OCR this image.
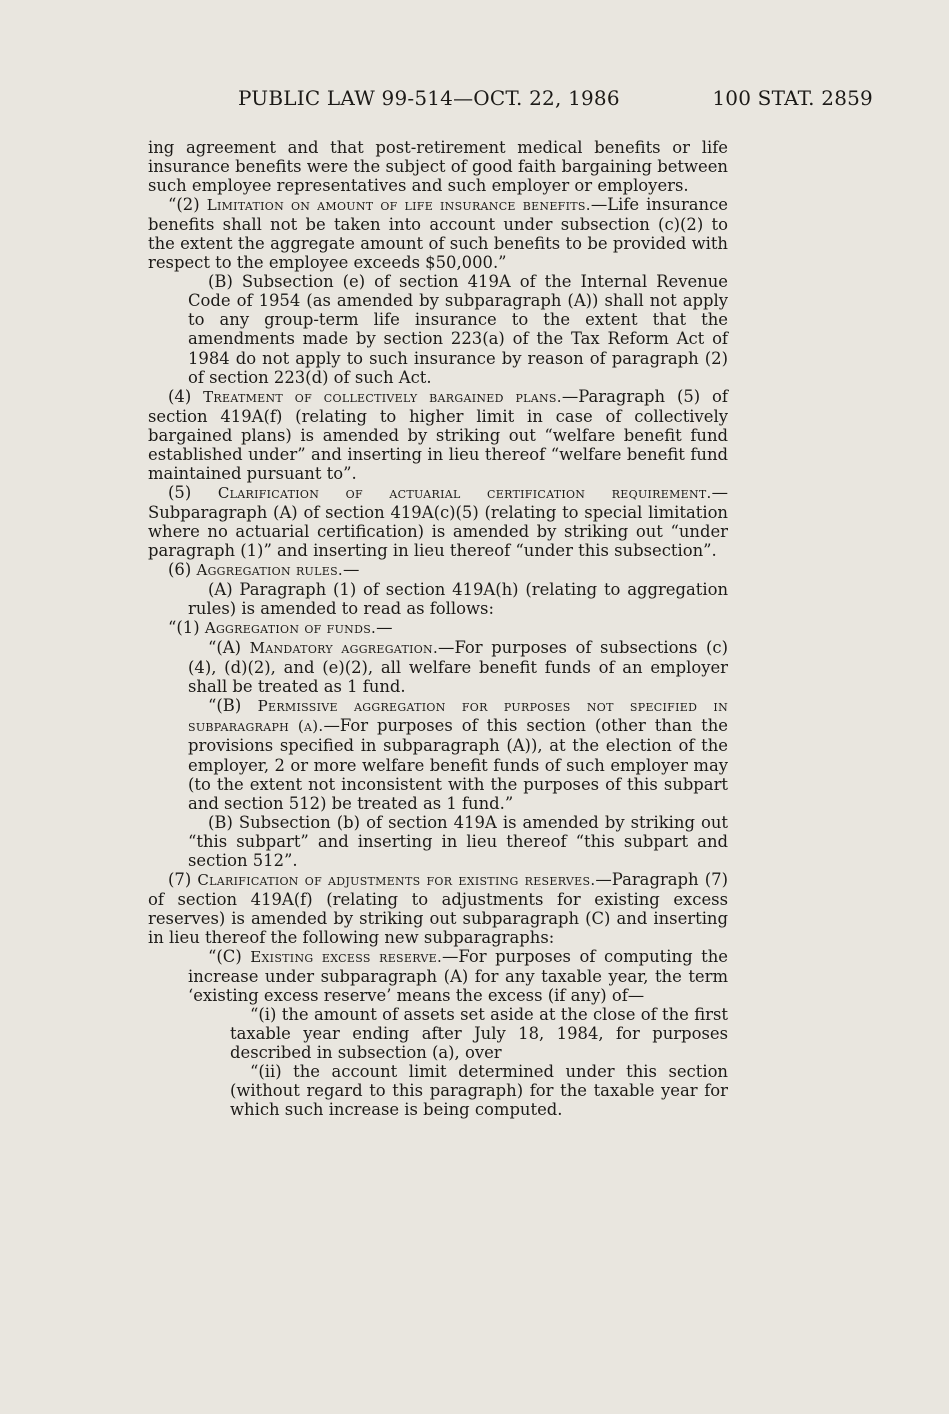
PUBLIC LAW 99-514—OCT. 22, 1986	100 STAT. 2859

ing agreement and that post-retirement medical benefits or life insurance benefits were the subject of good faith bargaining between such employee representatives and such employer or employers.

“(2) Limitation on amount of life insurance benefits.—Life insurance benefits shall not be taken into account under subsection (c)(2) to the extent the aggregate amount of such benefits to be provided with respect to the employee exceeds $50,000.”

(B) Subsection (e) of section 419A of the Internal Revenue Code of 1954 (as amended by subparagraph (A)) shall not apply to any group-term life insurance to the extent that the amendments made by section 223(a) of the Tax Reform Act of 1984 do not apply to such insurance by reason of paragraph (2) of section 223(d) of such Act.

(4) Treatment of collectively bargained plans.—Paragraph (5) of section 419A(f) (relating to higher limit in case of collectively bargained plans) is amended by striking out “welfare benefit fund established under” and inserting in lieu thereof “welfare benefit fund maintained pursuant to”.

(5) Clarification of actuarial certification requirement.—Subparagraph (A) of section 419A(c)(5) (relating to special limitation where no actuarial certification) is amended by striking out “under paragraph (1)” and inserting in lieu thereof “under this subsection”.

(6) Aggregation rules.—

(A) Paragraph (1) of section 419A(h) (relating to aggregation rules) is amended to read as follows:

“(1) Aggregation of funds.—

“(A) Mandatory aggregation.—For purposes of subsections (c)(4), (d)(2), and (e)(2), all welfare benefit funds of an employer shall be treated as 1 fund.

“(B) Permissive aggregation for purposes not specified in subparagraph (a).—For purposes of this section (other than the provisions specified in subparagraph (A)), at the election of the employer, 2 or more welfare benefit funds of such employer may (to the extent not inconsistent with the purposes of this subpart and section 512) be treated as 1 fund.”

(B) Subsection (b) of section 419A is amended by striking out “this subpart” and inserting in lieu thereof “this subpart and section 512”.

(7) Clarification of adjustments for existing reserves.—Paragraph (7) of section 419A(f) (relating to adjustments for existing excess reserves) is amended by striking out subparagraph (C) and inserting in lieu thereof the following new subparagraphs:

“(C) Existing excess reserve.—For purposes of computing the increase under subparagraph (A) for any taxable year, the term ‘existing excess reserve’ means the excess (if any) of—

“(i) the amount of assets set aside at the close of the first taxable year ending after July 18, 1984, for purposes described in subsection (a), over

“(ii) the account limit determined under this section (without regard to this paragraph) for the taxable year for which such increase is being computed.
